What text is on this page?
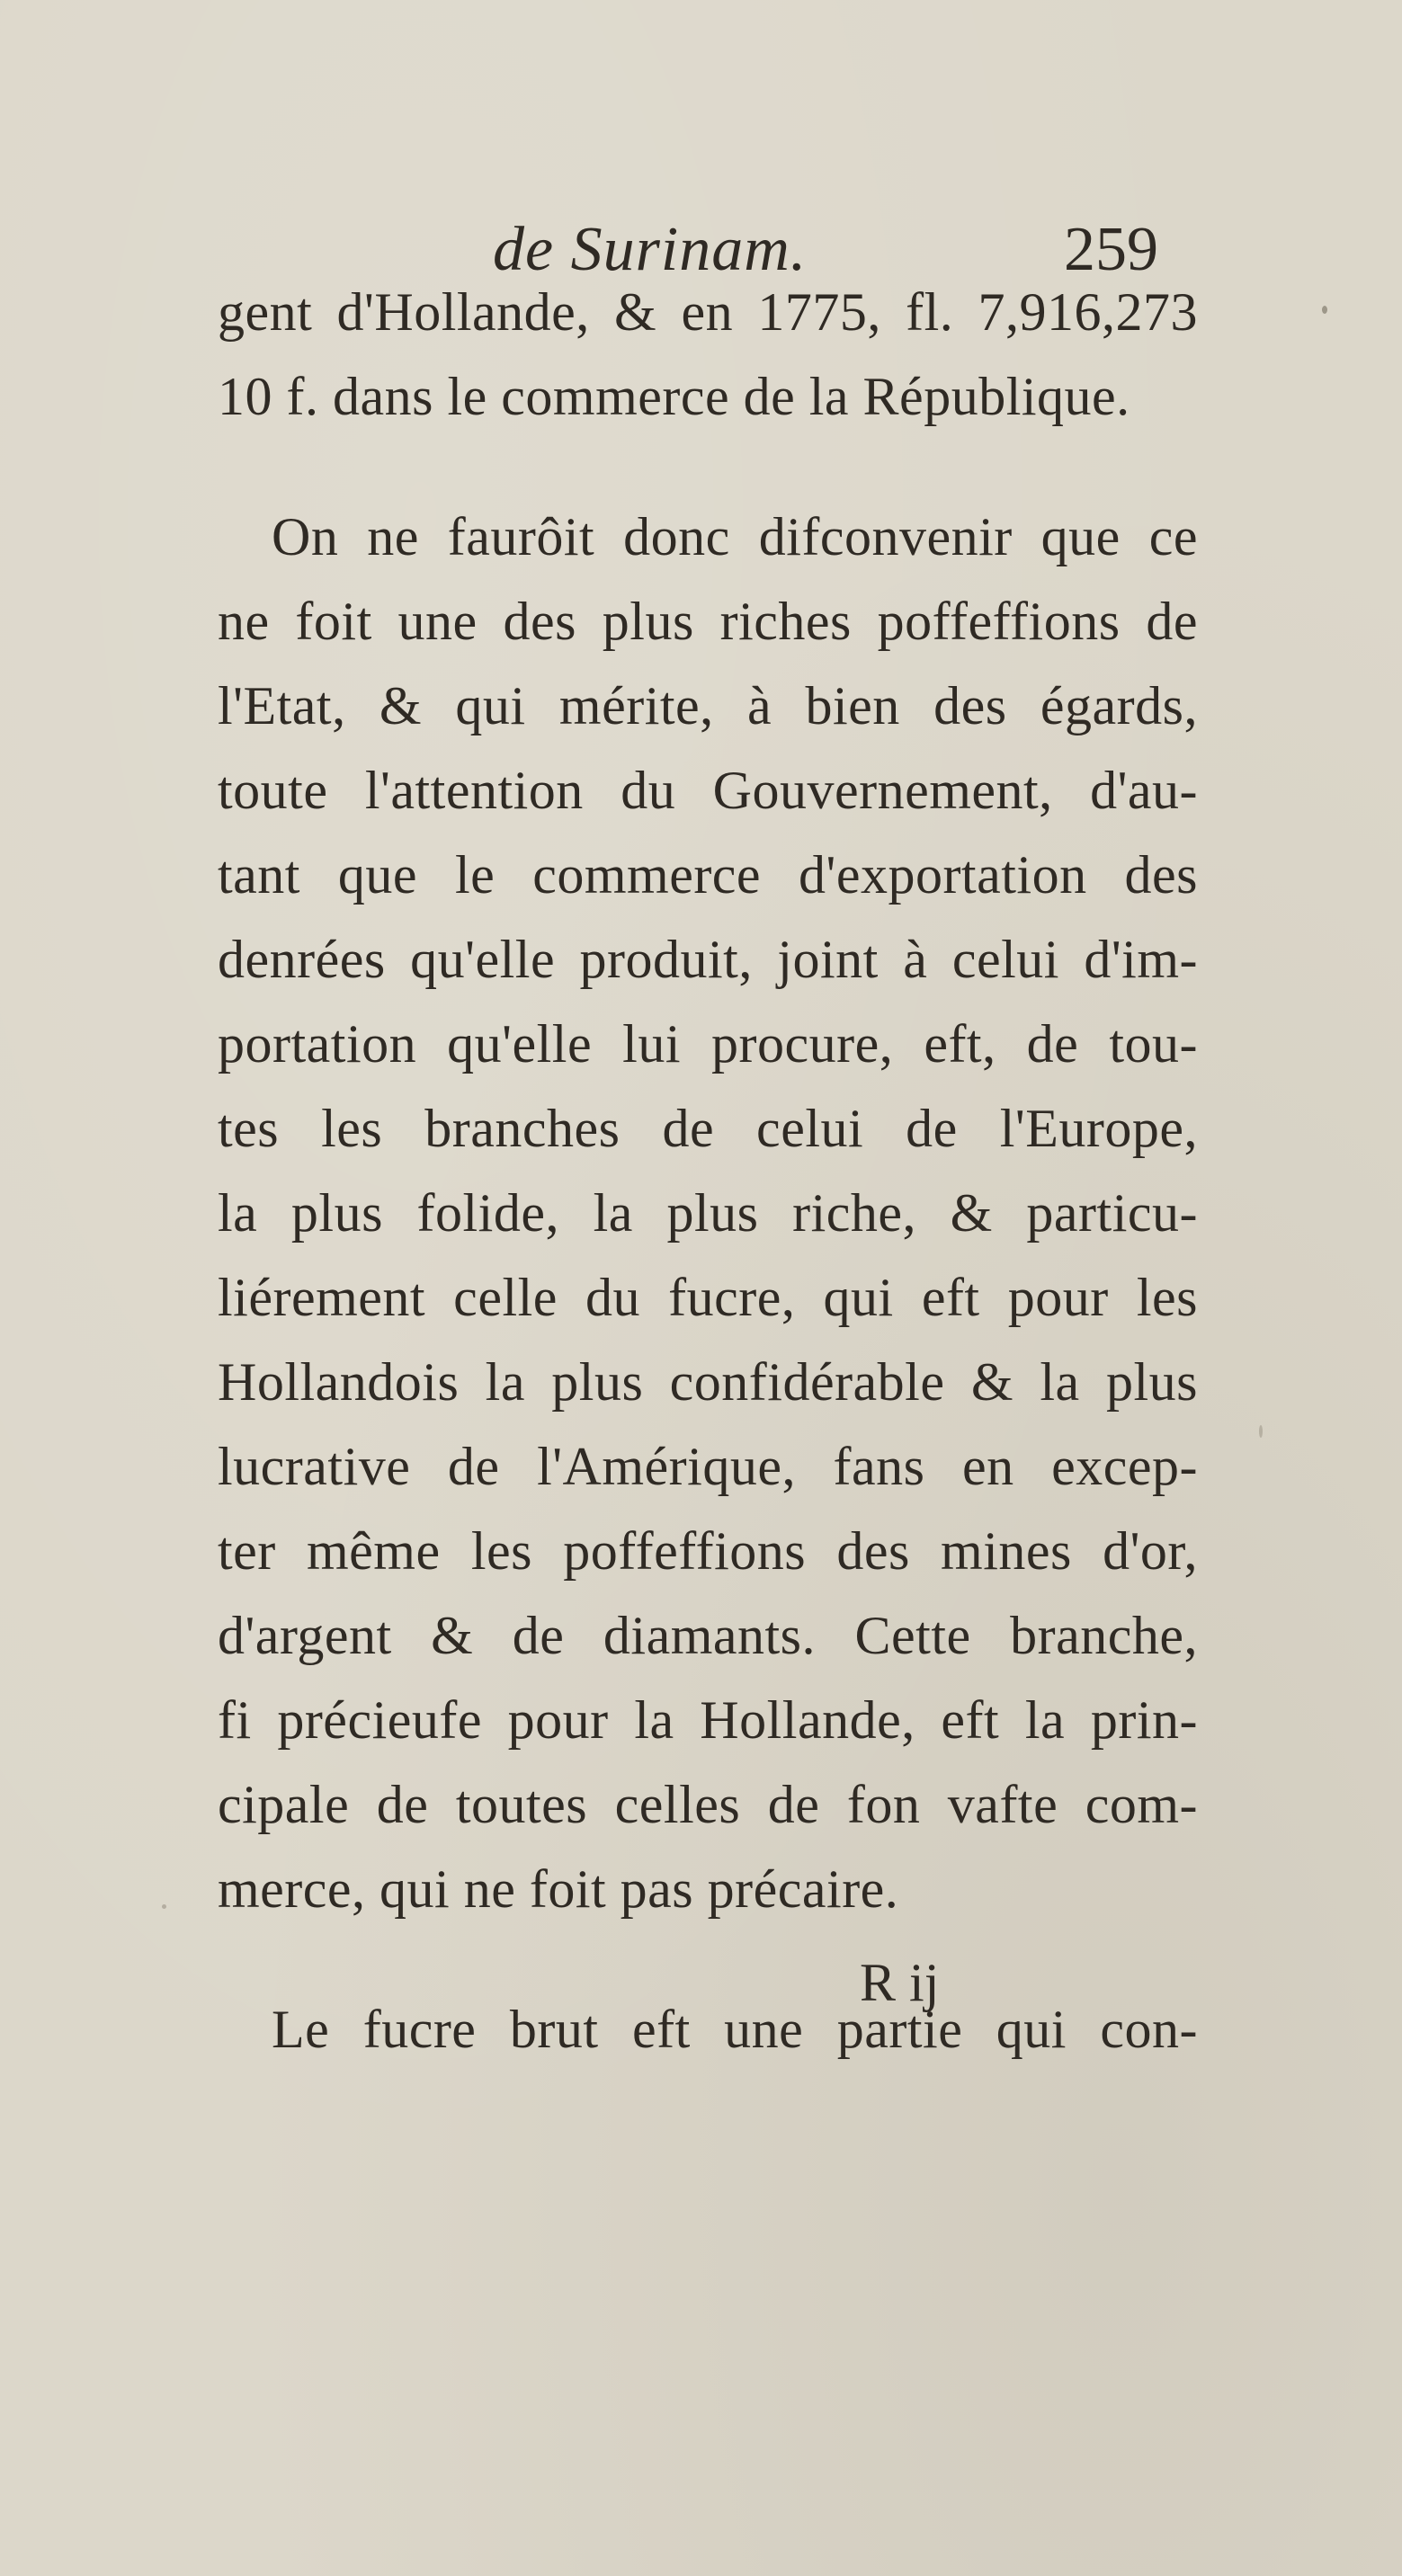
de Surinam.	259
gent d'Hollande, & en 1775, fl. 7,916,273
10 f. dans le commerce de la République.
On ne faurôit donc difconvenir que ce
ne foit une des plus riches poffeffions de
l'Etat, & qui mérite, à bien des égards,
toute l'attention du Gouvernement, d'au-
tant que le commerce d'exportation des
denrées qu'elle produit, joint à celui d'im-
portation qu'elle lui procure, eft, de tou-
tes les branches de celui de l'Europe,
la plus folide, la plus riche, & particu-
liérement celle du fucre, qui eft pour les
Hollandois la plus confidérable & la plus
lucrative de l'Amérique, fans en excep-
ter même les poffeffions des mines d'or,
d'argent & de diamants. Cette branche,
fi précieufe pour la Hollande, eft la prin-
cipale de toutes celles de fon vafte com-
merce, qui ne foit pas précaire.
Le fucre brut eft une partie qui con-
R ij
